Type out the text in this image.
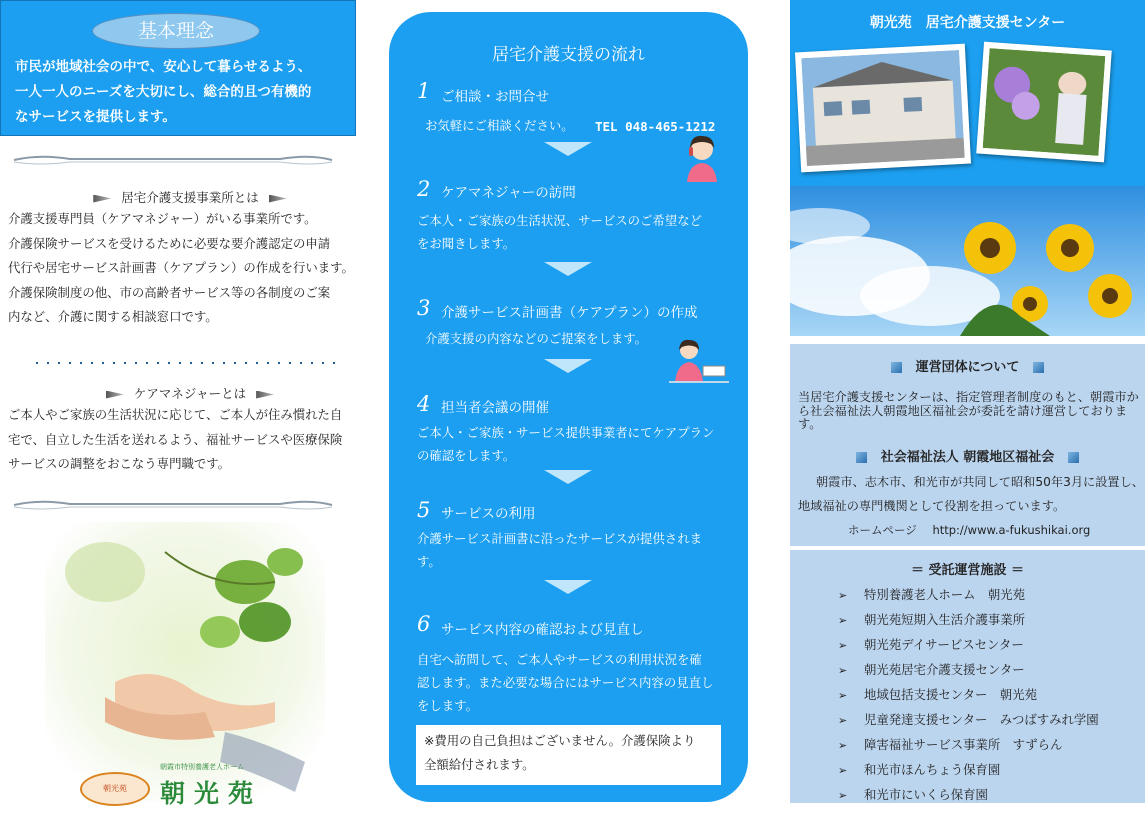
基本理念
市民が地域社会の中で、安心して暮らせるよう、
一人一人のニーズを大切にし、総合的且つ有機的
なサービスを提供します。
居宅介護支援事業所とは
介護支援専門員（ケアマネジャー）がいる事業所です。
介護保険サービスを受けるために必要な要介護認定の申請
代行や居宅サービス計画書（ケアプラン）の作成を行います。
介護保険制度の他、市の高齢者サービス等の各制度のご案
内など、介護に関する相談窓口です。
ケアマネジャーとは
ご本人やご家族の生活状況に応じて、ご本人が住み慣れた自
宅で、自立した生活を送れるよう、福祉サービスや医療保険
サービスの調整をおこなう専門職です。
朝光苑
朝霞市特別養護老人ホーム
朝光苑
居宅介護支援の流れ
1 ご相談・お問合せ
お気軽にご相談ください。	TEL 048-465-1212
2 ケアマネジャーの訪問
ご本人・ご家族の生活状況、サービスのご希望など
をお聞きします。
3 介護サービス計画書（ケアプラン）の作成
介護支援の内容などのご提案をします。
4 担当者会議の開催
ご本人・ご家族・サービス提供事業者にてケアプラン
の確認をします。
5 サービスの利用
介護サービス計画書に沿ったサービスが提供されま
す。
6 サービス内容の確認および見直し
自宅へ訪問して、ご本人やサービスの利用状況を確
認します。また必要な場合にはサービス内容の見直し
をします。
※費用の自己負担はございません。介護保険より
全額給付されます。
朝光苑　居宅介護支援センター
運営団体について
当居宅介護支援センターは、指定管理者制度のもと、朝霞市から社会福祉法人朝霞地区福祉会が委託を請け運営しております。
社会福祉法人 朝霞地区福祉会
朝霞市、志木市、和光市が共同して昭和50年3月に設置し、
地域福祉の専門機関として役割を担っています。
ホームページ http://www.a-fukushikai.org
＝ 受託運営施設 ＝
➢ 特別養護老人ホーム　朝光苑
➢ 朝光苑短期入生活介護事業所
➢ 朝光苑デイサービスセンター
➢ 朝光苑居宅介護支援センター
➢ 地域包括支援センター　朝光苑
➢ 児童発達支援センター　みつばすみれ学園
➢ 障害福祉サービス事業所　すずらん
➢ 和光市ほんちょう保育園
➢ 和光市にいくら保育園
